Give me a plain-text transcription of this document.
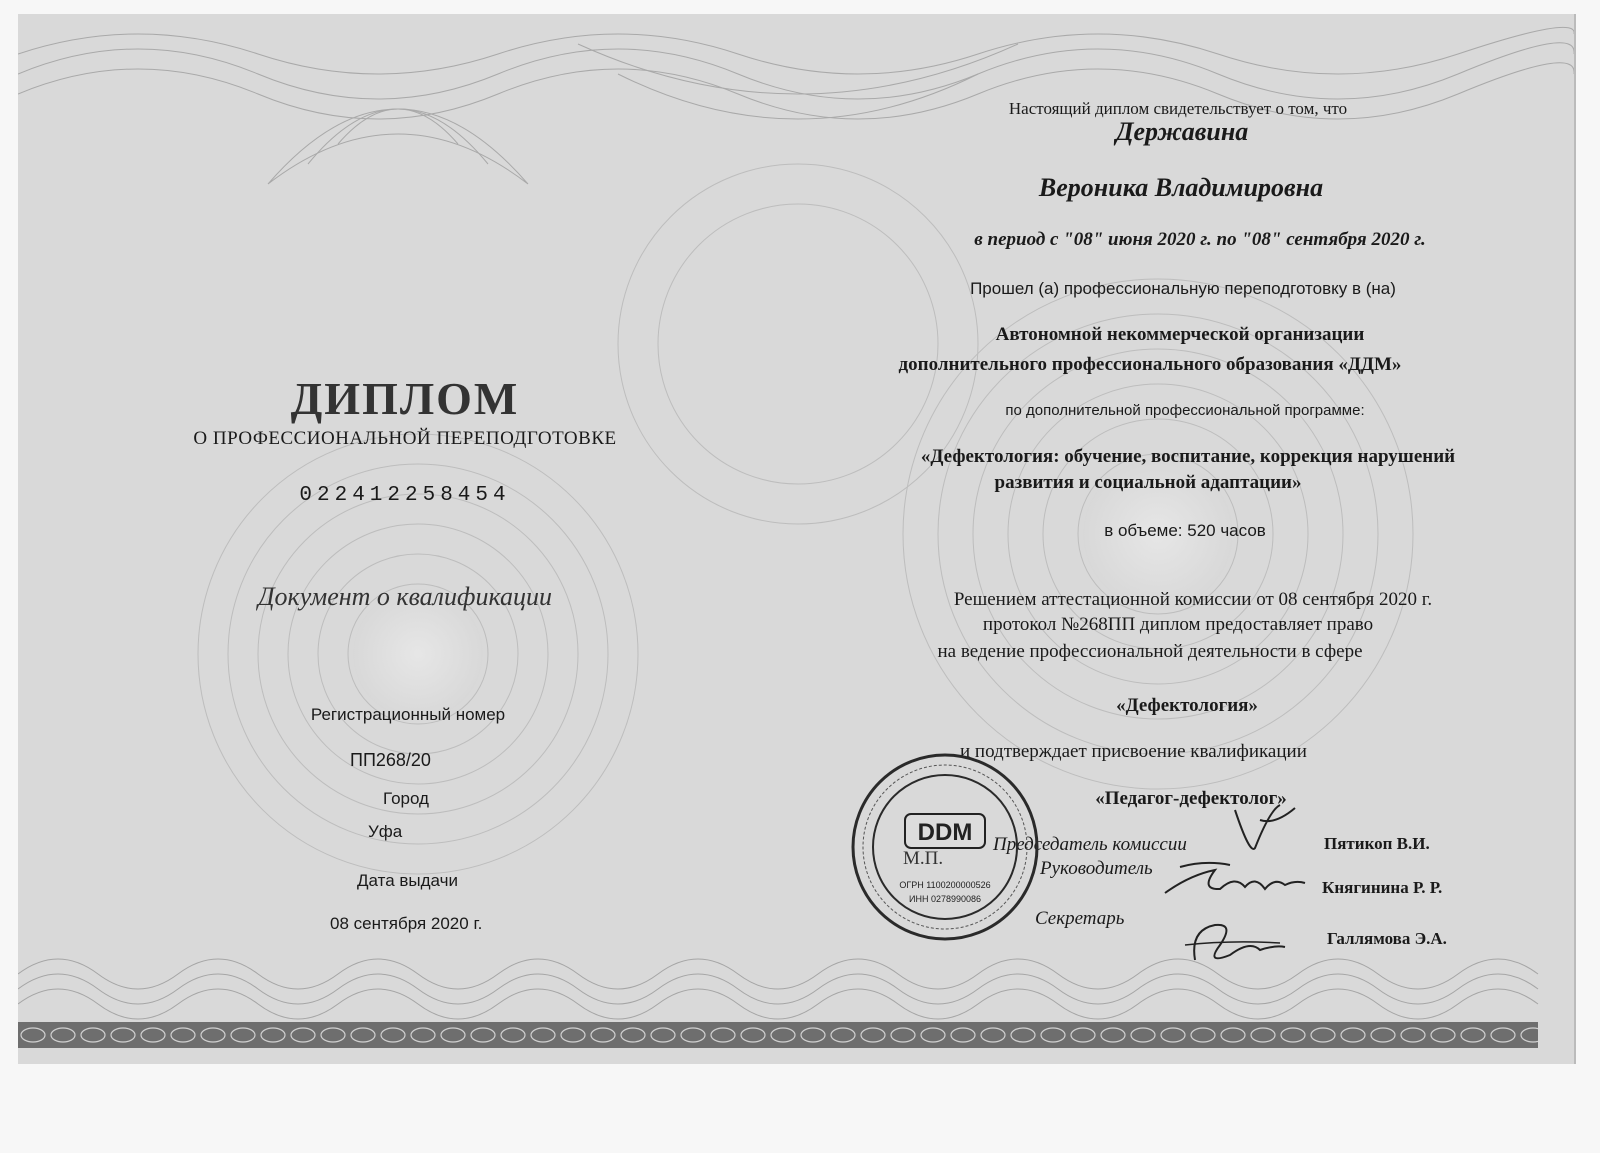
ДИПЛОМ
О ПРОФЕССИОНАЛЬНОЙ ПЕРЕПОДГОТОВКЕ
022412258454
Документ о квалификации
Регистрационный номер
ПП268/20
Город
Уфа
Дата выдачи
08 сентября 2020 г.
Настоящий диплом свидетельствует о том, что
Державина
Вероника Владимировна
в период с "08" июня 2020 г. по "08" сентября 2020 г.
Прошел (а) профессиональную переподготовку в (на)
Автономной некоммерческой организации
дополнительного профессионального образования «ДДМ»
по дополнительной профессиональной программе:
«Дефектология: обучение, воспитание, коррекция нарушений
развития и социальной адаптации»
в объеме: 520 часов
Решением аттестационной комиссии от 08 сентября 2020 г.
протокол №268ПП диплом предоставляет право
на ведение профессиональной деятельности в сфере
«Дефектология»
и подтверждает присвоение квалификации
«Педагог-дефектолог»
Председатель комиссии
Руководитель
Секретарь
Пятикоп В.И.
Княгинина Р. Р.
Галлямова Э.А.
DDM
ОГРН 1100200000526
ИНН 0278990086
М.П.
